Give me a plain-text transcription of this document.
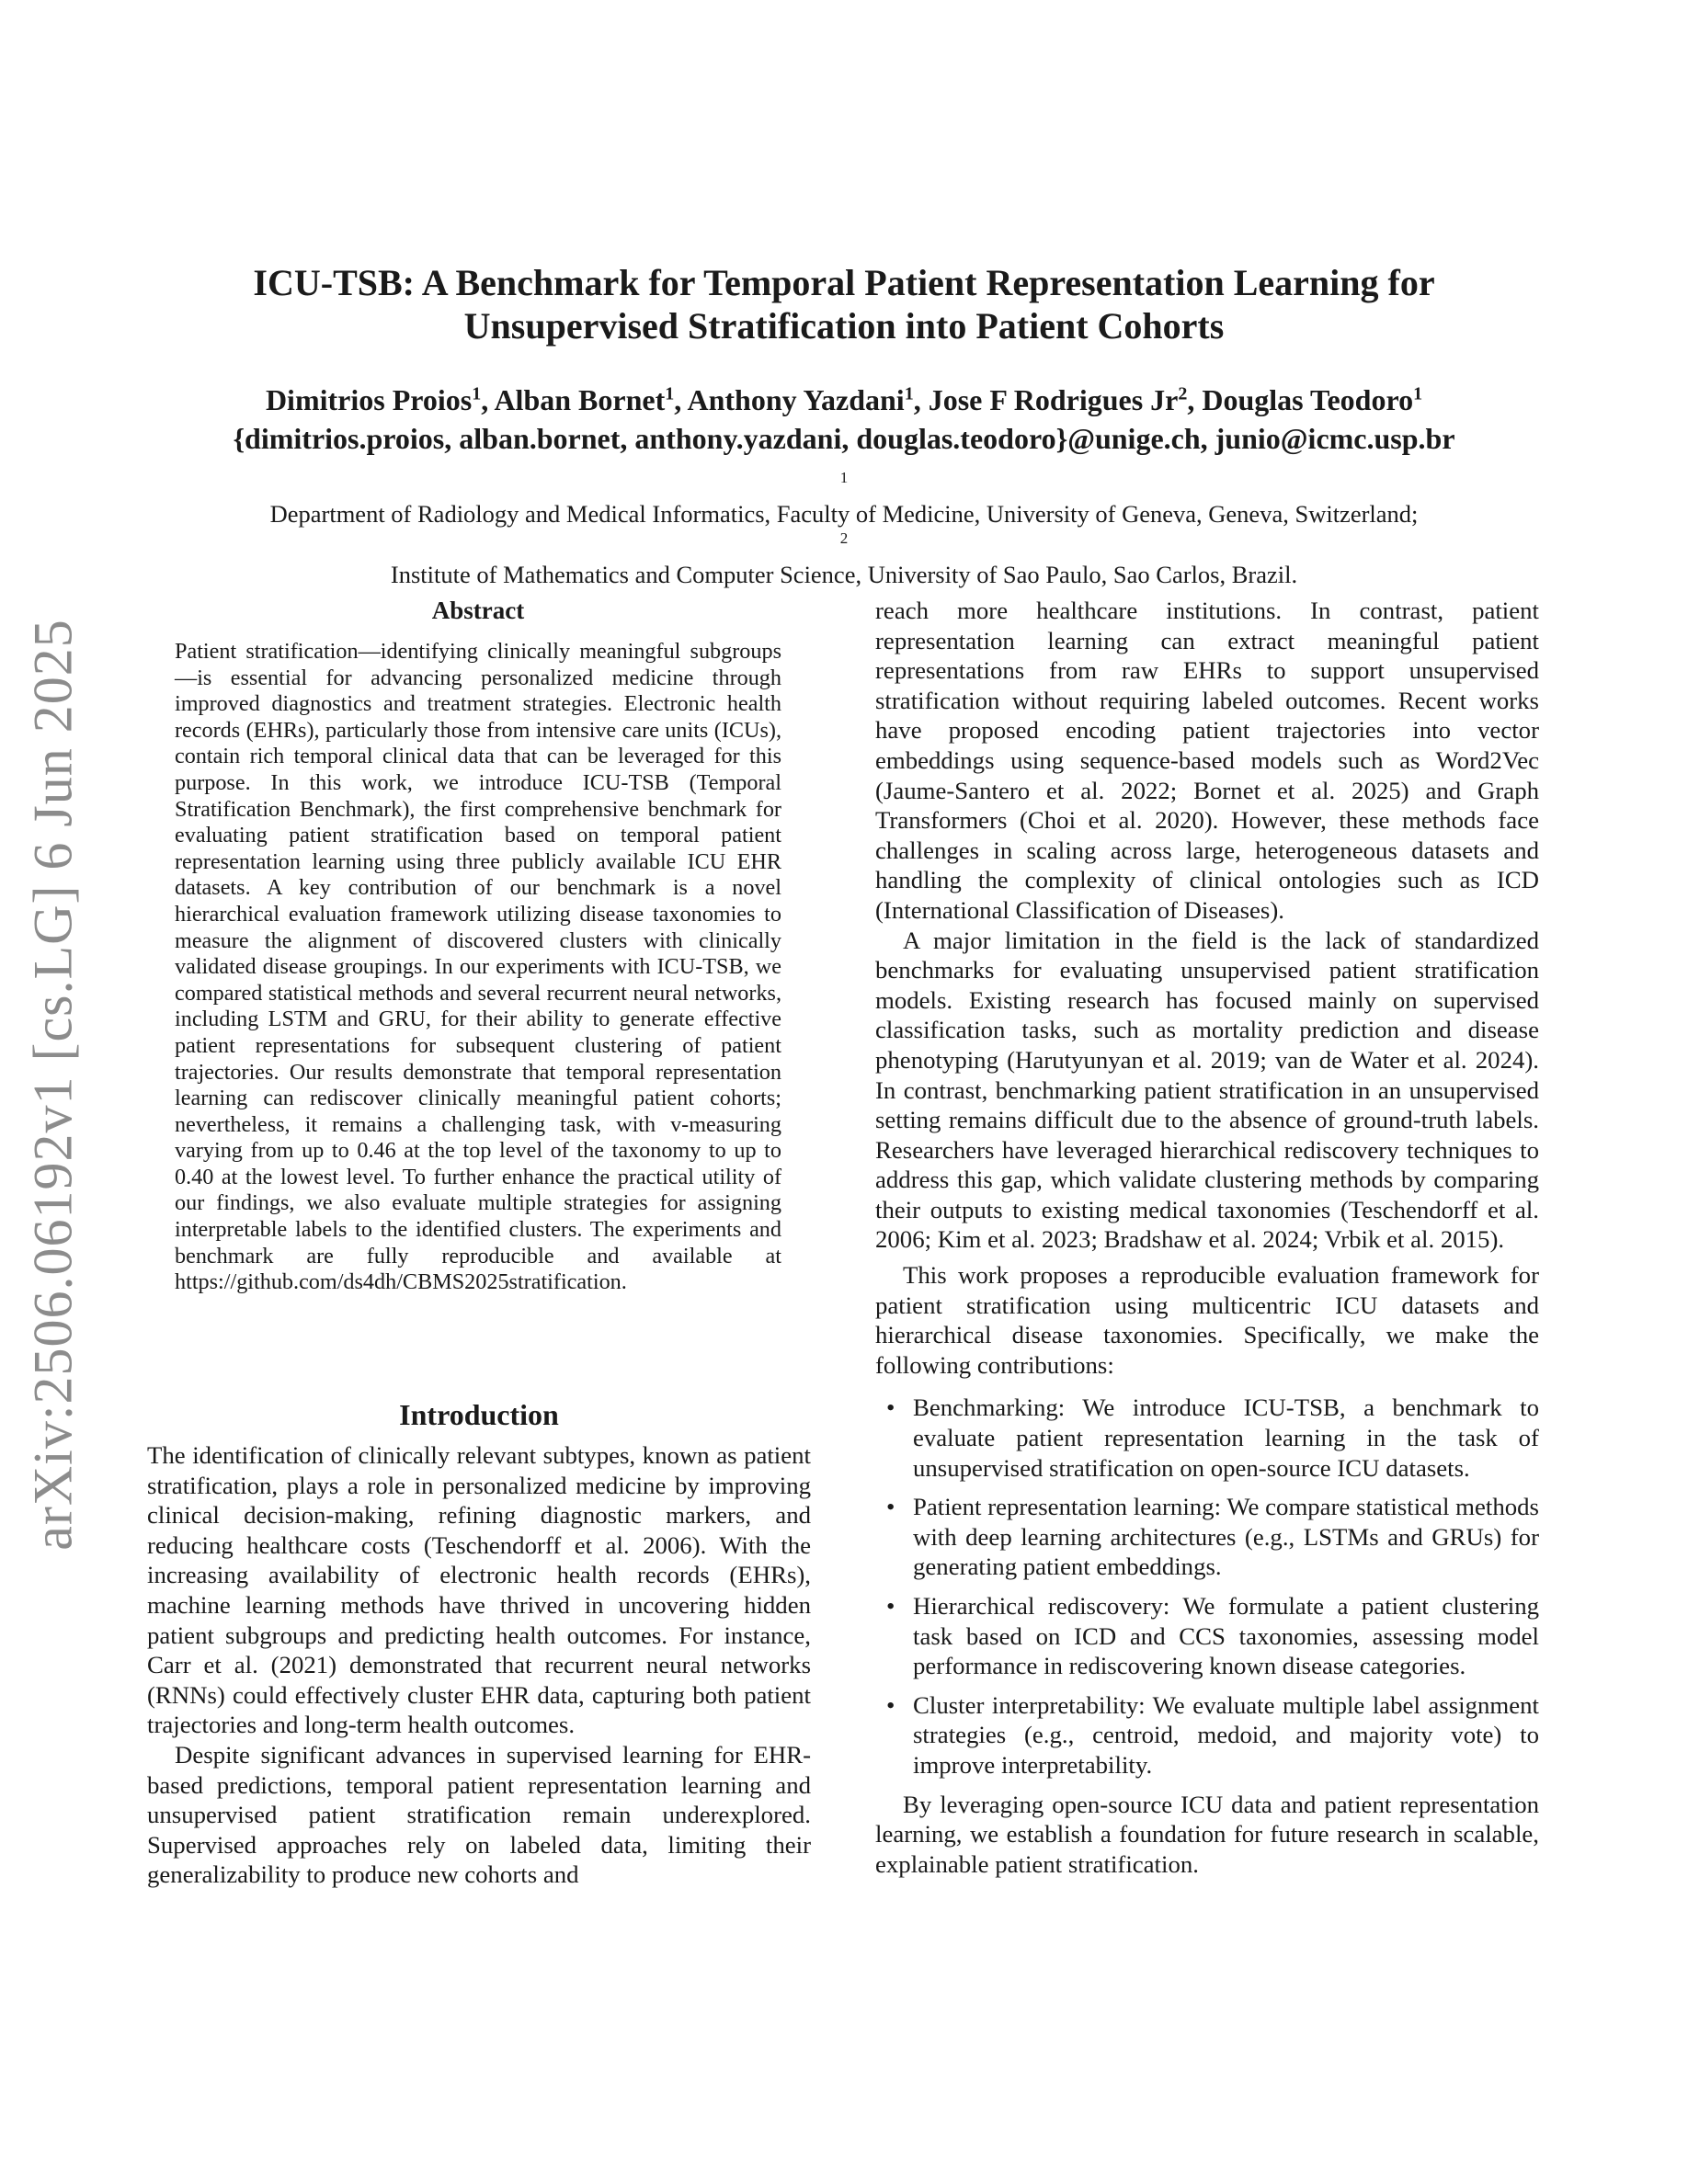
arXiv:2506.06192v1 [cs.LG] 6 Jun 2025
ICU-TSB: A Benchmark for Temporal Patient Representation Learning for
Unsupervised Stratification into Patient Cohorts
Dimitrios Proios$^1$, Alban Bornet$^1$, Anthony Yazdani$^1$, Jose F Rodrigues Jr$^2$, Douglas Teodoro$^1$
{dimitrios.proios, alban.bornet, anthony.yazdani, douglas.teodoro}@unige.ch, junio@icmc.usp.br
$^1$
Department of Radiology and Medical Informatics, Faculty of Medicine, University of Geneva, Geneva, Switzerland;
$^2$
Institute of Mathematics and Computer Science, University of Sao Paulo, Sao Carlos, Brazil.
Abstract

Patient stratification—identifying clinically meaningful subgroups—is essential for advancing personalized medicine through improved diagnostics and treatment strategies. Electronic health records (EHRs), particularly those from intensive care units (ICUs), contain rich temporal clinical data that can be leveraged for this purpose. In this work, we introduce ICU-TSB (Temporal Stratification Benchmark), the first comprehensive benchmark for evaluating patient stratification based on temporal patient representation learning using three publicly available ICU EHR datasets. A key contribution of our benchmark is a novel hierarchical evaluation framework utilizing disease taxonomies to measure the alignment of discovered clusters with clinically validated disease groupings. In our experiments with ICU-TSB, we compared statistical methods and several recurrent neural networks, including LSTM and GRU, for their ability to generate effective patient representations for subsequent clustering of patient trajectories. Our results demonstrate that temporal representation learning can rediscover clinically meaningful patient cohorts; nevertheless, it remains a challenging task, with v-measuring varying from up to 0.46 at the top level of the taxonomy to up to 0.40 at the lowest level. To further enhance the practical utility of our findings, we also evaluate multiple strategies for assigning interpretable labels to the identified clusters. The experiments and benchmark are fully reproducible and available at https://github.com/ds4dh/CBMS2025stratification.

Introduction

The identification of clinically relevant subtypes, known as patient stratification, plays a role in personalized medicine by improving clinical decision-making, refining diagnostic markers, and reducing healthcare costs (Teschendorff et al. 2006). With the increasing availability of electronic health records (EHRs), machine learning methods have thrived in uncovering hidden patient subgroups and predicting health outcomes. For instance, Carr et al. (2021) demonstrated that recurrent neural networks (RNNs) could effectively cluster EHR data, capturing both patient trajectories and long-term health outcomes.

Despite significant advances in supervised learning for EHR-based predictions, temporal patient representation learning and unsupervised patient stratification remain underexplored. Supervised approaches rely on labeled data, limiting their generalizability to produce new cohorts and

reach more healthcare institutions. In contrast, patient representation learning can extract meaningful patient representations from raw EHRs to support unsupervised stratification without requiring labeled outcomes. Recent works have proposed encoding patient trajectories into vector embeddings using sequence-based models such as Word2Vec (Jaume-Santero et al. 2022; Bornet et al. 2025) and Graph Transformers (Choi et al. 2020). However, these methods face challenges in scaling across large, heterogeneous datasets and handling the complexity of clinical ontologies such as ICD (International Classification of Diseases).

A major limitation in the field is the lack of standardized benchmarks for evaluating unsupervised patient stratification models. Existing research has focused mainly on supervised classification tasks, such as mortality prediction and disease phenotyping (Harutyunyan et al. 2019; van de Water et al. 2024). In contrast, benchmarking patient stratification in an unsupervised setting remains difficult due to the absence of ground-truth labels. Researchers have leveraged hierarchical rediscovery techniques to address this gap, which validate clustering methods by comparing their outputs to existing medical taxonomies (Teschendorff et al. 2006; Kim et al. 2023; Bradshaw et al. 2024; Vrbik et al. 2015).

This work proposes a reproducible evaluation framework for patient stratification using multicentric ICU datasets and hierarchical disease taxonomies. Specifically, we make the following contributions:

• Benchmarking: We introduce ICU-TSB, a benchmark to evaluate patient representation learning in the task of unsupervised stratification on open-source ICU datasets.
• Patient representation learning: We compare statistical methods with deep learning architectures (e.g., LSTMs and GRUs) for generating patient embeddings.
• Hierarchical rediscovery: We formulate a patient clustering task based on ICD and CCS taxonomies, assessing model performance in rediscovering known disease categories.
• Cluster interpretability: We evaluate multiple label assignment strategies (e.g., centroid, medoid, and majority vote) to improve interpretability.

By leveraging open-source ICU data and patient representation learning, we establish a foundation for future research in scalable, explainable patient stratification.
